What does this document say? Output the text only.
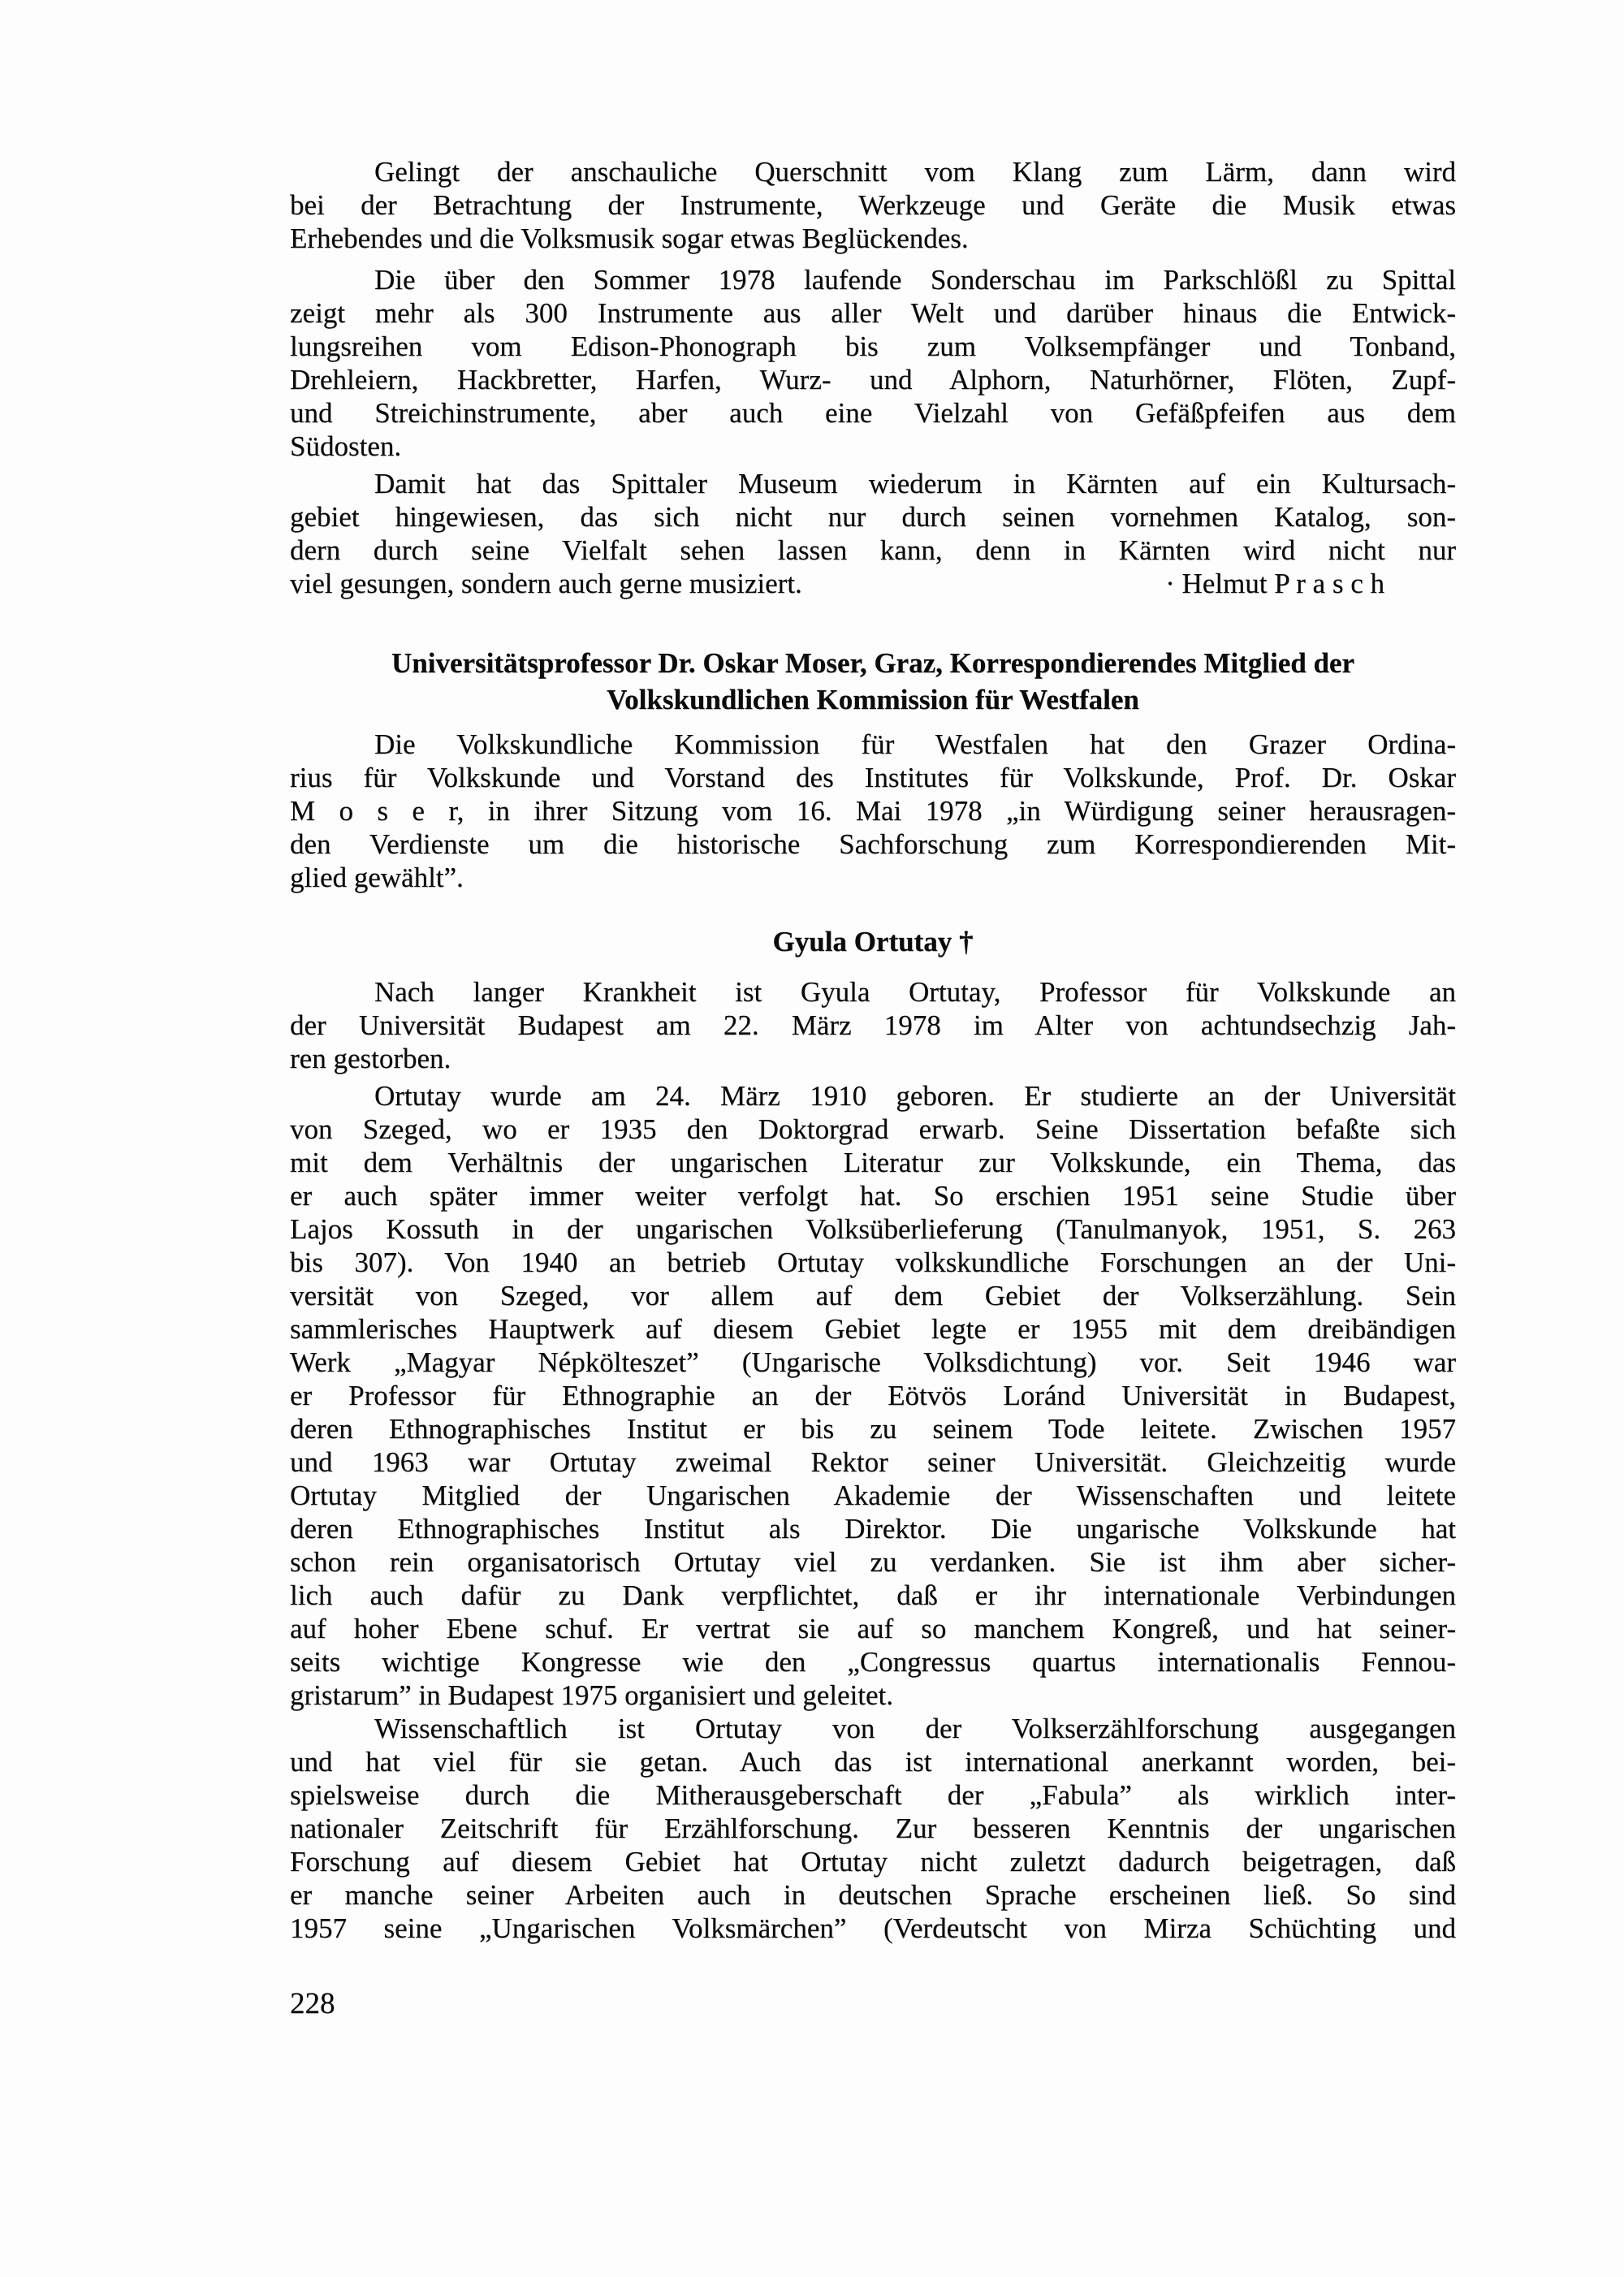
Gelingt der anschauliche Querschnitt vom Klang zum Lärm, dann wird
bei der Betrachtung der Instrumente, Werkzeuge und Geräte die Musik etwas
Erhebendes und die Volksmusik sogar etwas Beglückendes.
Die über den Sommer 1978 laufende Sonderschau im Parkschlößl zu Spittal
zeigt mehr als 300 Instrumente aus aller Welt und darüber hinaus die Entwick-
lungsreihen vom Edison-Phonograph bis zum Volksempfänger und Tonband,
Drehleiern, Hackbretter, Harfen, Wurz- und Alphorn, Naturhörner, Flöten, Zupf-
und Streichinstrumente, aber auch eine Vielzahl von Gefäßpfeifen aus dem
Südosten.
Damit hat das Spittaler Museum wiederum in Kärnten auf ein Kultursach-
gebiet hingewiesen, das sich nicht nur durch seinen vornehmen Katalog, son-
dern durch seine Vielfalt sehen lassen kann, denn in Kärnten wird nicht nur
viel gesungen, sondern auch gerne musiziert.	· Helmut P r a s c h
Universitätsprofessor Dr. Oskar Moser, Graz, Korrespondierendes Mitglied der
Volkskundlichen Kommission für Westfalen
Die Volkskundliche Kommission für Westfalen hat den Grazer Ordina-
rius für Volkskunde und Vorstand des Institutes für Volkskunde, Prof. Dr. Oskar
M o s e r, in ihrer Sitzung vom 16. Mai 1978 „in Würdigung seiner herausragen-
den Verdienste um die historische Sachforschung zum Korrespondierenden Mit-
glied gewählt”.
Gyula Ortutay †
Nach langer Krankheit ist Gyula Ortutay, Professor für Volkskunde an
der Universität Budapest am 22. März 1978 im Alter von achtundsechzig Jah-
ren gestorben.
Ortutay wurde am 24. März 1910 geboren. Er studierte an der Universität
von Szeged, wo er 1935 den Doktorgrad erwarb. Seine Dissertation befaßte sich
mit dem Verhältnis der ungarischen Literatur zur Volkskunde, ein Thema, das
er auch später immer weiter verfolgt hat. So erschien 1951 seine Studie über
Lajos Kossuth in der ungarischen Volksüberlieferung (Tanulmanyok, 1951, S. 263
bis 307). Von 1940 an betrieb Ortutay volkskundliche Forschungen an der Uni-
versität von Szeged, vor allem auf dem Gebiet der Volkserzählung. Sein
sammlerisches Hauptwerk auf diesem Gebiet legte er 1955 mit dem dreibändigen
Werk „Magyar Népkölteszet” (Ungarische Volksdichtung) vor. Seit 1946 war
er Professor für Ethnographie an der Eötvös Loránd Universität in Budapest,
deren Ethnographisches Institut er bis zu seinem Tode leitete. Zwischen 1957
und 1963 war Ortutay zweimal Rektor seiner Universität. Gleichzeitig wurde
Ortutay Mitglied der Ungarischen Akademie der Wissenschaften und leitete
deren Ethnographisches Institut als Direktor. Die ungarische Volkskunde hat
schon rein organisatorisch Ortutay viel zu verdanken. Sie ist ihm aber sicher-
lich auch dafür zu Dank verpflichtet, daß er ihr internationale Verbindungen
auf hoher Ebene schuf. Er vertrat sie auf so manchem Kongreß, und hat seiner-
seits wichtige Kongresse wie den „Congressus quartus internationalis Fennou-
gristarum” in Budapest 1975 organisiert und geleitet.
Wissenschaftlich ist Ortutay von der Volkserzählforschung ausgegangen
und hat viel für sie getan. Auch das ist international anerkannt worden, bei-
spielsweise durch die Mitherausgeberschaft der „Fabula” als wirklich inter-
nationaler Zeitschrift für Erzählforschung. Zur besseren Kenntnis der ungarischen
Forschung auf diesem Gebiet hat Ortutay nicht zuletzt dadurch beigetragen, daß
er manche seiner Arbeiten auch in deutschen Sprache erscheinen ließ. So sind
1957 seine „Ungarischen Volksmärchen” (Verdeutscht von Mirza Schüchting und
228
